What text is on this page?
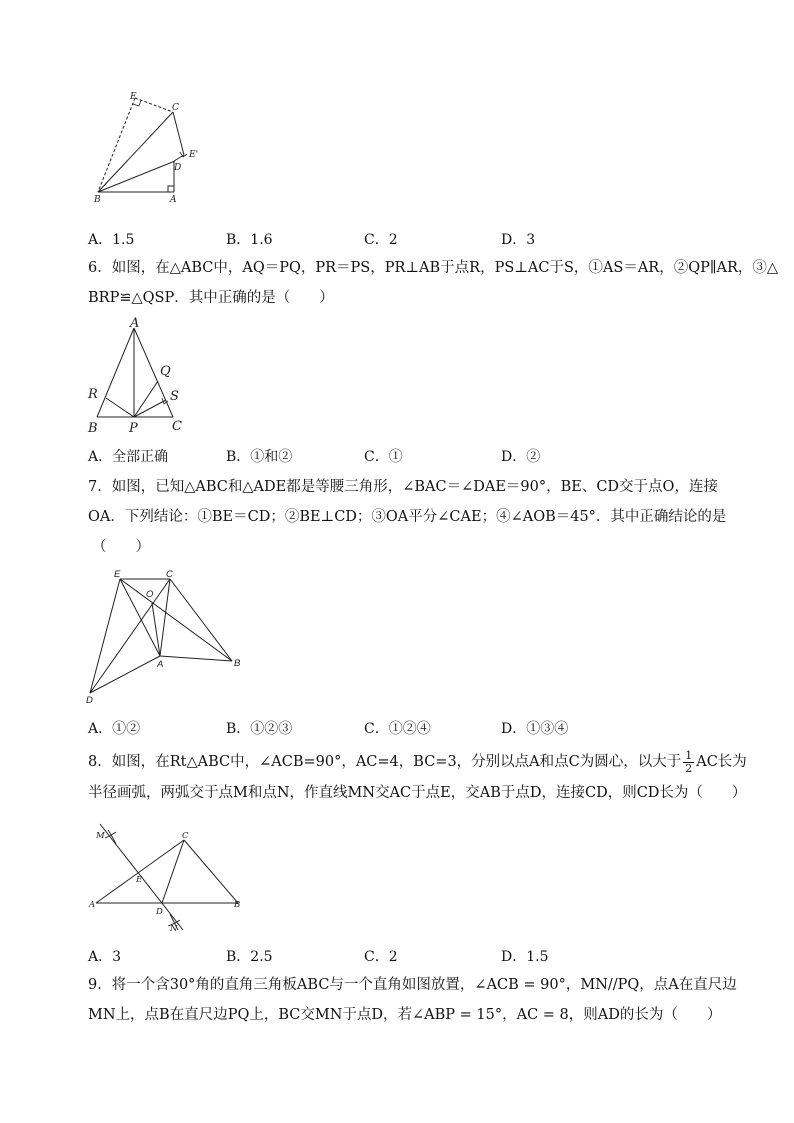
E
C
E'
D
B	A
A．1.5	B．1.6	C．2	D．3
6．如图，在△ABC中，AQ＝PQ，PR＝PS，PR⊥AB于点R，PS⊥AC于S，①AS＝AR，②QP∥AR，③△
BRP≌△QSP．其中正确的是（　　）
A
Q
R	S
B P	C
A．全部正确	B．①和②	C．①	D．②
7．如图，已知△ABC和△ADE都是等腰三角形，∠BAC＝∠DAE＝90°，BE、CD交于点O，连接
OA．下列结论：①BE＝CD；②BE⊥CD；③OA平分∠CAE；④∠AOB＝45°．其中正确结论的是
（　　）
E	C
O
A	B
D
A．①②	B．①②③	C．①②④	D．①③④
8．如图，在Rt△ABC中，∠ACB=90°，AC=4，BC=3，分别以点A和点C为圆心，以大于 $\frac{1}{2}$ AC长为
半径画弧，两弧交于点M和点N，作直线MN交AC于点E，交AB于点D，连接CD，则CD长为（　　）
M	C
E
A
D
B
N
A．3	B．2.5	C．2	D．1.5
9．将一个含30°角的直角三角板ABC与一个直角如图放置，∠ACB = 90°，MN//PQ，点A在直尺边
MN上，点B在直尺边PQ上，BC交MN于点D，若∠ABP = 15°，AC = 8，则AD的长为（　　）
